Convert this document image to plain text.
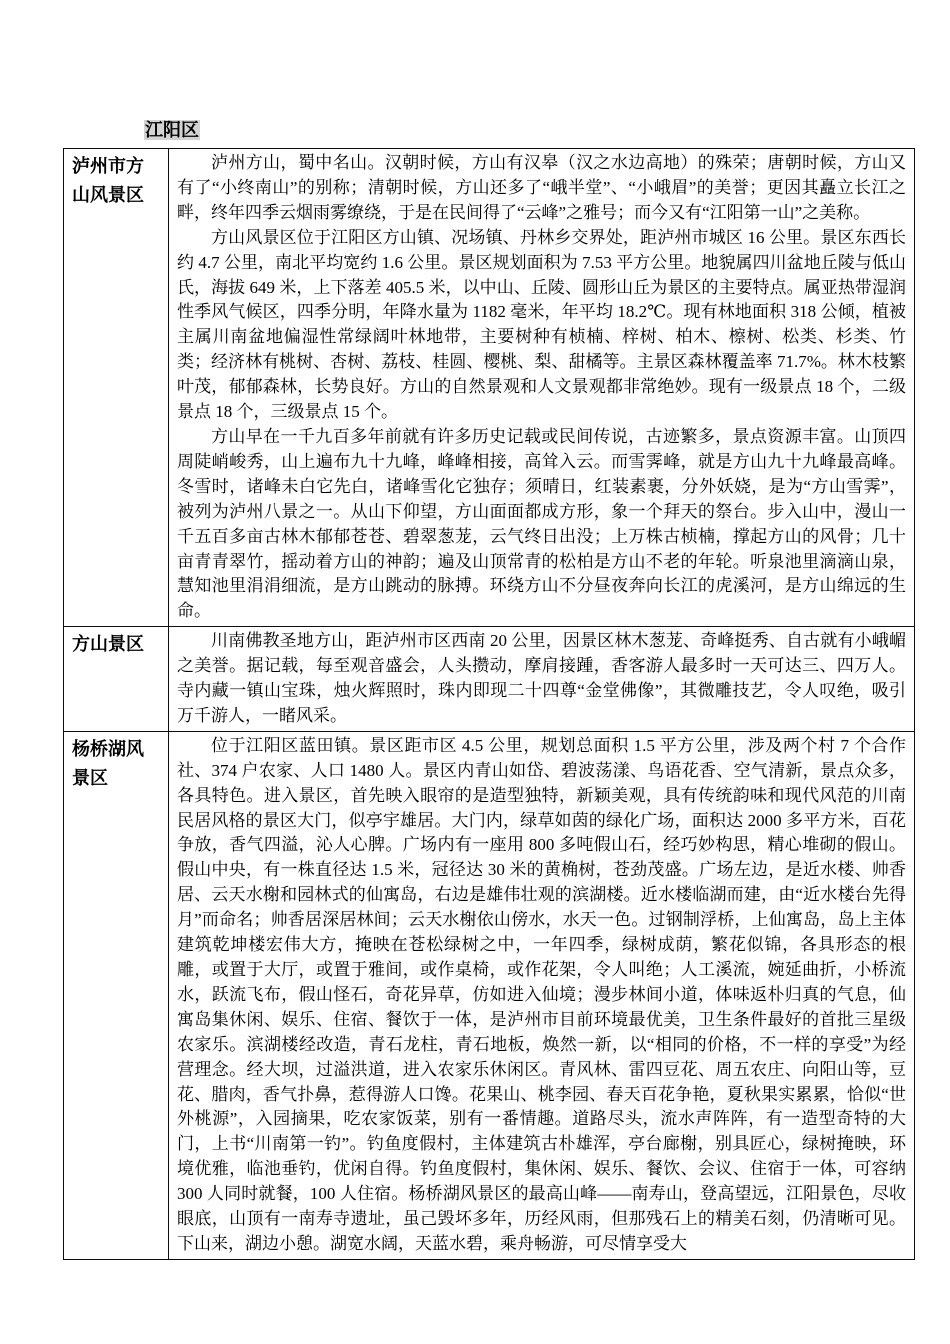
江阳区
泸州市方山风景区	泸州方山，蜀中名山。汉朝时候，方山有汉皋（汉之水边高地）的殊荣；唐朝时候，方山又有了“小终南山”的别称；清朝时候，方山还多了“峨半堂”、“小峨眉”的美誉；更因其矗立长江之畔，终年四季云烟雨雾缭绕，于是在民间得了“云峰”之雅号；而今又有“江阳第一山”之美称。

方山风景区位于江阳区方山镇、况场镇、丹林乡交界处，距泸州市城区 16 公里。景区东西长约 4.7 公里，南北平均宽约 1.6 公里。景区规划面积为 7.53 平方公里。地貌属四川盆地丘陵与低山氏，海拔 649 米，上下落差 405.5 米，以中山、丘陵、圆形山丘为景区的主要特点。属亚热带湿润性季风气候区，四季分明，年降水量为 1182 毫米，年平均 18.2℃。现有林地面积 318 公倾，植被主属川南盆地偏湿性常绿阔叶林地带，主要树种有桢楠、梓树、柏木、檫树、松类、杉类、竹类；经济林有桃树、杏树、荔枝、桂圆、樱桃、梨、甜橘等。主景区森林覆盖率 71.7%。林木枝繁叶茂，郁郁森林，长势良好。方山的自然景观和人文景观都非常绝妙。现有一级景点 18 个，二级景点 18 个，三级景点 15 个。

方山早在一千九百多年前就有许多历史记载或民间传说，古迹繁多，景点资源丰富。山顶四周陡峭峻秀，山上遍布九十九峰，峰峰相接，高耸入云。而雪霁峰，就是方山九十九峰最高峰。冬雪时，诸峰未白它先白，诸峰雪化它独存；须晴日，红装素裹，分外妖娆，是为“方山雪霁”，被列为泸州八景之一。从山下仰望，方山面面都成方形，象一个拜天的祭台。步入山中，漫山一千五百多亩古林木郁郁苍苍、碧翠葱茏，云气终日出没；上万株古桢楠，撑起方山的风骨；几十亩青青翠竹，摇动着方山的神韵；遍及山顶常青的松柏是方山不老的年轮。听泉池里滴滴山泉，慧知池里涓涓细流，是方山跳动的脉搏。环绕方山不分昼夜奔向长江的虎溪河，是方山绵远的生命。

方山景区	川南佛教圣地方山，距泸州市区西南 20 公里，因景区林木葱茏、奇峰挺秀、自古就有小峨嵋之美誉。据记载，每至观音盛会，人头攒动，摩肩接踵，香客游人最多时一天可达三、四万人。寺内藏一镇山宝珠，烛火辉照时，珠内即现二十四尊“金堂佛像”，其微雕技艺，令人叹绝，吸引万千游人，一睹风采。

杨桥湖风景区	位于江阳区蓝田镇。景区距市区 4.5 公里，规划总面积 1.5 平方公里，涉及两个村 7 个合作社、374 户农家、人口 1480 人。景区内青山如岱、碧波荡漾、鸟语花香、空气清新，景点众多，各具特色。进入景区，首先映入眼帘的是造型独特，新颖美观，具有传统韵味和现代风范的川南民居风格的景区大门，似亭宇雄居。大门内，绿草如茵的绿化广场，面积达 2000 多平方米，百花争放，香气四溢，沁人心脾。广场内有一座用 800 多吨假山石，经巧妙构思，精心堆砌的假山。假山中央，有一株直径达 1.5 米，冠径达 30 米的黄桷树，苍劲茂盛。广场左边，是近水楼、帅香居、云天水榭和园林式的仙寓岛，右边是雄伟壮观的滨湖楼。近水楼临湖而建，由“近水楼台先得月”而命名；帅香居深居林间；云天水榭依山傍水，水天一色。过钢制浮桥，上仙寓岛，岛上主体建筑乾坤楼宏伟大方，掩映在苍松绿树之中，一年四季，绿树成荫，繁花似锦，各具形态的根雕，或置于大厅，或置于雅间，或作桌椅，或作花架，令人叫绝；人工溪流，婉延曲折，小桥流水，跃流飞布，假山怪石，奇花异草，仿如进入仙境；漫步林间小道，体味返朴归真的气息，仙寓岛集休闲、娱乐、住宿、餐饮于一体，是泸州市目前环境最优美，卫生条件最好的首批三星级农家乐。滨湖楼经改造，青石龙柱，青石地板，焕然一新，以“相同的价格，不一样的享受”为经营理念。经大坝，过溢洪道，进入农家乐休闲区。青风林、雷四豆花、周五农庄、向阳山等，豆花、腊肉，香气扑鼻，惹得游人口馋。花果山、桃李园、春天百花争艳，夏秋果实累累，恰似“世外桃源”，入园摘果，吃农家饭菜，别有一番情趣。道路尽头，流水声阵阵，有一造型奇特的大门，上书“川南第一钓”。钓鱼度假村，主体建筑古朴雄浑，亭台廊榭，别具匠心，绿树掩映，环境优雅，临池垂钓，优闲自得。钓鱼度假村，集休闲、娱乐、餐饮、会议、住宿于一体，可容纳 300 人同时就餐，100 人住宿。杨桥湖风景区的最高山峰——南寿山，登高望远，江阳景色，尽收眼底，山顶有一南寿寺遗址，虽己毁坏多年，历经风雨，但那残石上的精美石刻，仍清晰可见。下山来，湖边小憩。湖宽水阔，天蓝水碧，乘舟畅游，可尽情享受大
